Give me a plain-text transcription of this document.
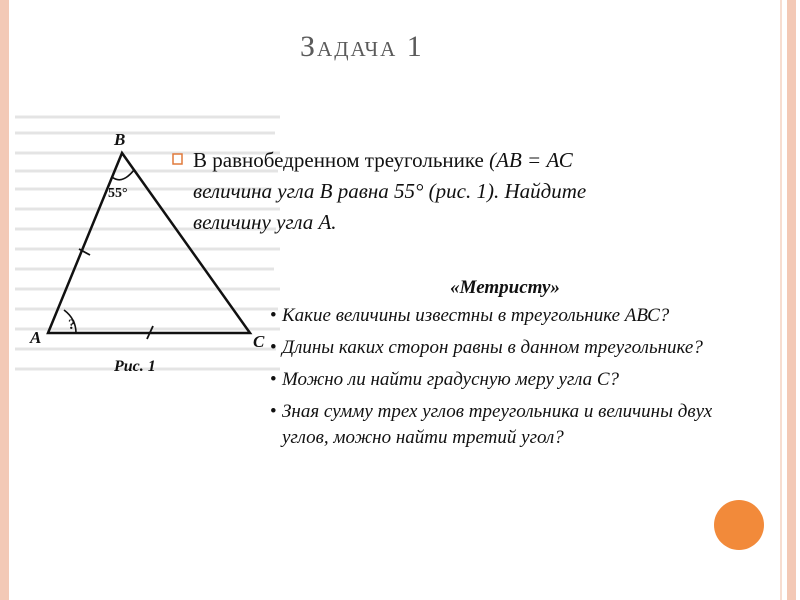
Задача 1
B
A	C
55°
?
Рис. 1
В равнобедренном треугольнике (АВ = АС
величина угла В равна 55° (рис. 1). Найдите
величину угла А.
«Метристу»
• Какие величины известны в треугольнике АВС?
• Длины каких сторон равны в данном треугольнике?
• Можно ли найти градусную меру угла С?
• Зная сумму трех углов треугольника и величины двух углов, можно найти третий угол?
